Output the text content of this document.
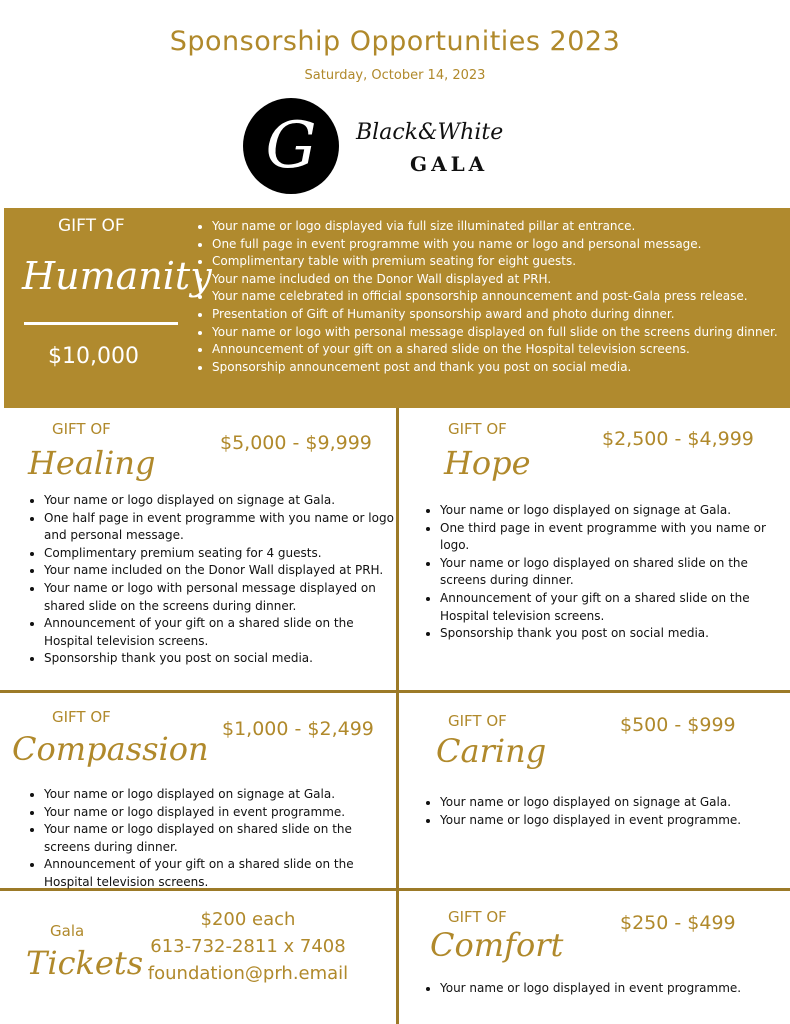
Sponsorship Opportunities 2023
Saturday, October 14, 2023
G	Black&White
GALA
GIFT OF
Humanity
$10,000
• Your name or logo displayed via full size illuminated pillar at entrance.
• One full page in event programme with you name or logo and personal message.
• Complimentary table with premium seating for eight guests.
• Your name included on the Donor Wall displayed at PRH.
• Your name celebrated in official sponsorship announcement and post-Gala press release.
• Presentation of Gift of Humanity sponsorship award and photo during dinner.
• Your name or logo with personal message displayed on full slide on the screens during dinner.
• Announcement of your gift on a shared slide on the Hospital television screens.
• Sponsorship announcement post and thank you post on social media.
GIFT OF
Healing
$5,000 - $9,999
• Your name or logo displayed on signage at Gala.
• One half page in event programme with you name or logo and personal message.
• Complimentary premium seating for 4 guests.
• Your name included on the Donor Wall displayed at PRH.
• Your name or logo with personal message displayed on shared slide on the screens during dinner.
• Announcement of your gift on a shared slide on the Hospital television screens.
• Sponsorship thank you post on social media.
GIFT OF
Hope
$2,500 - $4,999
• Your name or logo displayed on signage at Gala.
• One third page in event programme with you name or logo.
• Your name or logo displayed on shared slide on the screens during dinner.
• Announcement of your gift on a shared slide on the Hospital television screens.
• Sponsorship thank you post on social media.
GIFT OF
Compassion
$1,000 - $2,499
• Your name or logo displayed on signage at Gala.
• Your name or logo displayed in event programme.
• Your name or logo displayed on shared slide on the screens during dinner.
• Announcement of your gift on a shared slide on the Hospital television screens.
GIFT OF
Caring
$500 - $999
• Your name or logo displayed on signage at Gala.
• Your name or logo displayed in event programme.
Gala
Tickets
$200 each
613-732-2811 x 7408
foundation@prh.email
GIFT OF
Comfort
$250 - $499
• Your name or logo displayed in event programme.
